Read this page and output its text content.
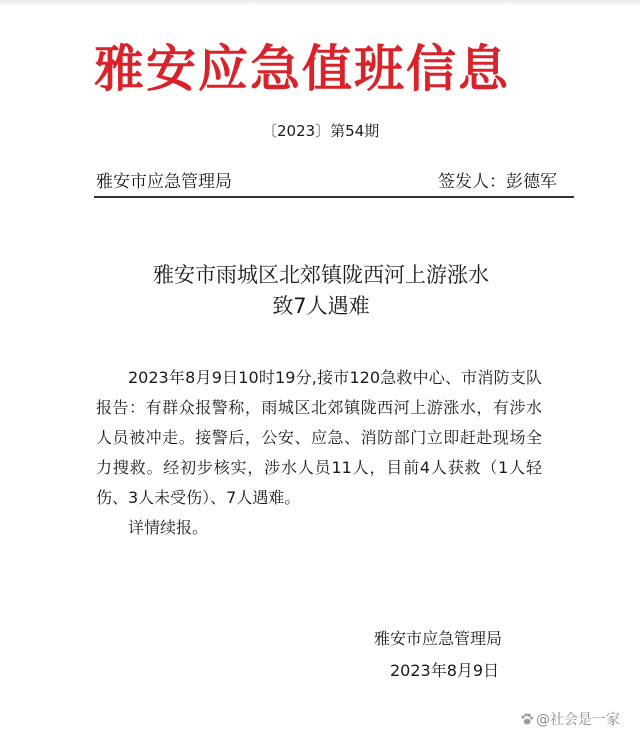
雅安应急值班信息
〔2023〕第54期
雅安市应急管理局	签发人：彭德军
雅安市雨城区北郊镇陇西河上游涨水
致7人遇难

2023年8月9日10时19分,接市120急救中心、市消防支队报告：有群众报警称，雨城区北郊镇陇西河上游涨水，有涉水人员被冲走。接警后，公安、应急、消防部门立即赶赴现场全力搜救。经初步核实，涉水人员11人，目前4人获救（1人轻伤、3人未受伤）、7人遇难。

详情续报。

雅安市应急管理局
2023年8月9日
@社会是一家
